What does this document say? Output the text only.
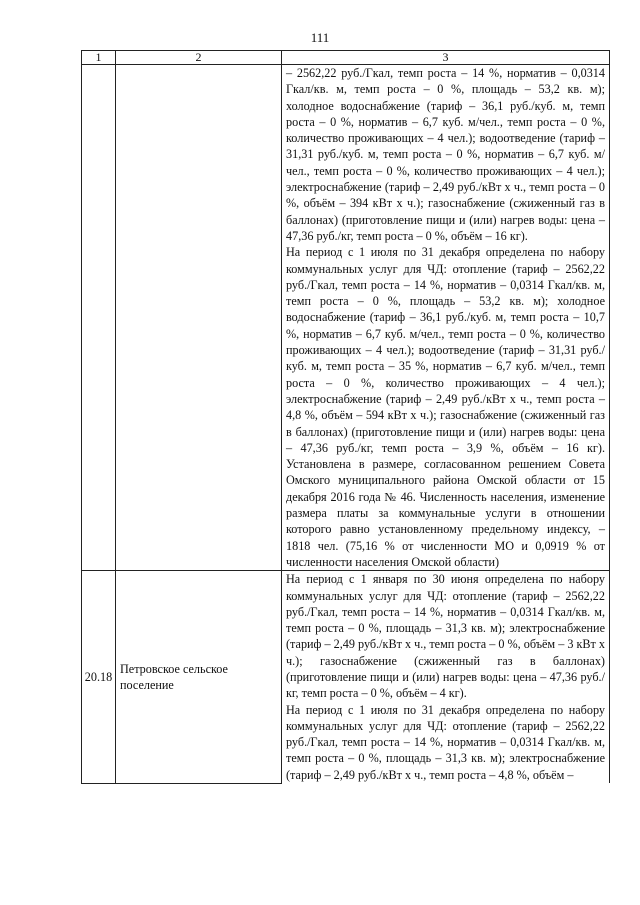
111
1	2	3

		– 2562,22 руб./Гкал, темп роста – 14 %, норматив – 0,0314 Гкал/кв. м, темп роста – 0 %, площадь – 53,2 кв. м); холодное водоснабжение (тариф – 36,1 руб./куб. м, темп роста – 0 %, норматив – 6,7 куб. м/чел., темп роста – 0 %, количество проживающих – 4 чел.); водоотведение (тариф – 31,31 руб./куб. м, темп роста – 0 %, норматив – 6,7 куб. м/чел., темп роста – 0 %, количество проживающих – 4 чел.); электроснабжение (тариф – 2,49 руб./кВт х ч., темп роста – 0 %, объём – 394 кВт х ч.); газоснабжение (сжиженный газ в баллонах) (приготовление пищи и (или) нагрев воды: цена – 47,36 руб./кг, темп роста – 0 %, объём – 16 кг).
На период с 1 июля по 31 декабря определена по набору коммунальных услуг для ЧД: отопление (тариф – 2562,22 руб./Гкал, темп роста – 14 %, норматив – 0,0314 Гкал/кв. м, темп роста – 0 %, площадь – 53,2 кв. м); холодное водоснабжение (тариф – 36,1 руб./куб. м, темп роста – 10,7 %, норматив – 6,7 куб. м/чел., темп роста – 0 %, количество проживающих – 4 чел.); водоотведение (тариф – 31,31 руб./куб. м, темп роста – 35 %, норматив – 6,7 куб. м/чел., темп роста – 0 %, количество проживающих – 4 чел.); электроснабжение (тариф – 2,49 руб./кВт х ч., темп роста – 4,8 %, объём – 594 кВт х ч.); газоснабжение (сжиженный газ в баллонах) (приготовление пищи и (или) нагрев воды: цена – 47,36 руб./кг, темп роста – 3,9 %, объём – 16 кг). Установлена в размере, согласованном решением Совета Омского муниципального района Омской области от 15 декабря 2016 года № 46. Численность населения, изменение размера платы за коммунальные услуги в отношении которого равно установленному предельному индексу, – 1818 чел. (75,16 % от численности МО и 0,0919 % от численности населения Омской области)

20.18	Петровское сельское поселение	На период с 1 января по 30 июня определена по набору коммунальных услуг для ЧД: отопление (тариф – 2562,22 руб./Гкал, темп роста – 14 %, норматив – 0,0314 Гкал/кв. м, темп роста – 0 %, площадь – 31,3 кв. м); электроснабжение (тариф – 2,49 руб./кВт х ч., темп роста – 0 %, объём – 3 кВт х ч.); газоснабжение (сжиженный газ в баллонах) (приготовление пищи и (или) нагрев воды: цена – 47,36 руб./кг, темп роста – 0 %, объём – 4 кг).
На период с 1 июля по 31 декабря определена по набору коммунальных услуг для ЧД: отопление (тариф – 2562,22 руб./Гкал, темп роста – 14 %, норматив – 0,0314 Гкал/кв. м, темп роста – 0 %, площадь – 31,3 кв. м); электроснабжение (тариф – 2,49 руб./кВт х ч., темп роста – 4,8 %, объём –
